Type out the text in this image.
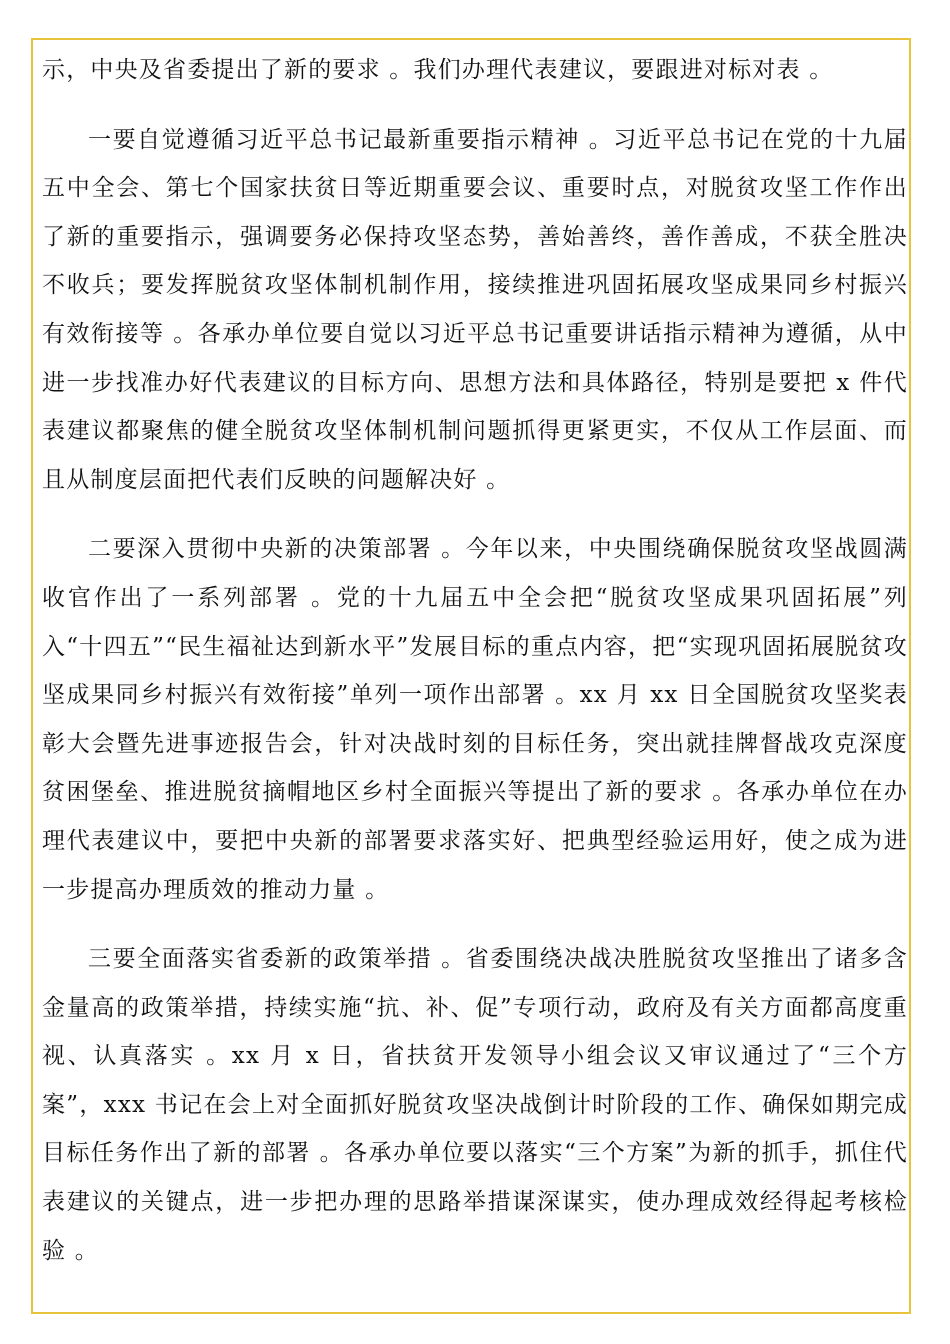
示，中央及省委提出了新的要求 。我们办理代表建议，要跟进对标对表 。

一要自觉遵循习近平总书记最新重要指示精神 。习近平总书记在党的十九届五中全会、第七个国家扶贫日等近期重要会议、重要时点，对脱贫攻坚工作作出了新的重要指示，强调要务必保持攻坚态势，善始善终，善作善成，不获全胜决不收兵；要发挥脱贫攻坚体制机制作用，接续推进巩固拓展攻坚成果同乡村振兴有效衔接等 。各承办单位要自觉以习近平总书记重要讲话指示精神为遵循，从中进一步找准办好代表建议的目标方向、思想方法和具体路径，特别是要把 x 件代表建议都聚焦的健全脱贫攻坚体制机制问题抓得更紧更实，不仅从工作层面、而且从制度层面把代表们反映的问题解决好 。

二要深入贯彻中央新的决策部署 。今年以来，中央围绕确保脱贫攻坚战圆满收官作出了一系列部署 。党的十九届五中全会把“脱贫攻坚成果巩固拓展”列入“十四五”“民生福祉达到新水平”发展目标的重点内容，把“实现巩固拓展脱贫攻坚成果同乡村振兴有效衔接”单列一项作出部署 。xx 月 xx 日全国脱贫攻坚奖表彰大会暨先进事迹报告会，针对决战时刻的目标任务，突出就挂牌督战攻克深度贫困堡垒、推进脱贫摘帽地区乡村全面振兴等提出了新的要求 。各承办单位在办理代表建议中，要把中央新的部署要求落实好、把典型经验运用好，使之成为进一步提高办理质效的推动力量 。

三要全面落实省委新的政策举措 。省委围绕决战决胜脱贫攻坚推出了诸多含金量高的政策举措，持续实施“抗、补、促”专项行动，政府及有关方面都高度重视、认真落实 。xx 月 x 日，省扶贫开发领导小组会议又审议通过了“三个方案”，xxx 书记在会上对全面抓好脱贫攻坚决战倒计时阶段的工作、确保如期完成目标任务作出了新的部署 。各承办单位要以落实“三个方案”为新的抓手，抓住代表建议的关键点，进一步把办理的思路举措谋深谋实，使办理成效经得起考核检验 。
